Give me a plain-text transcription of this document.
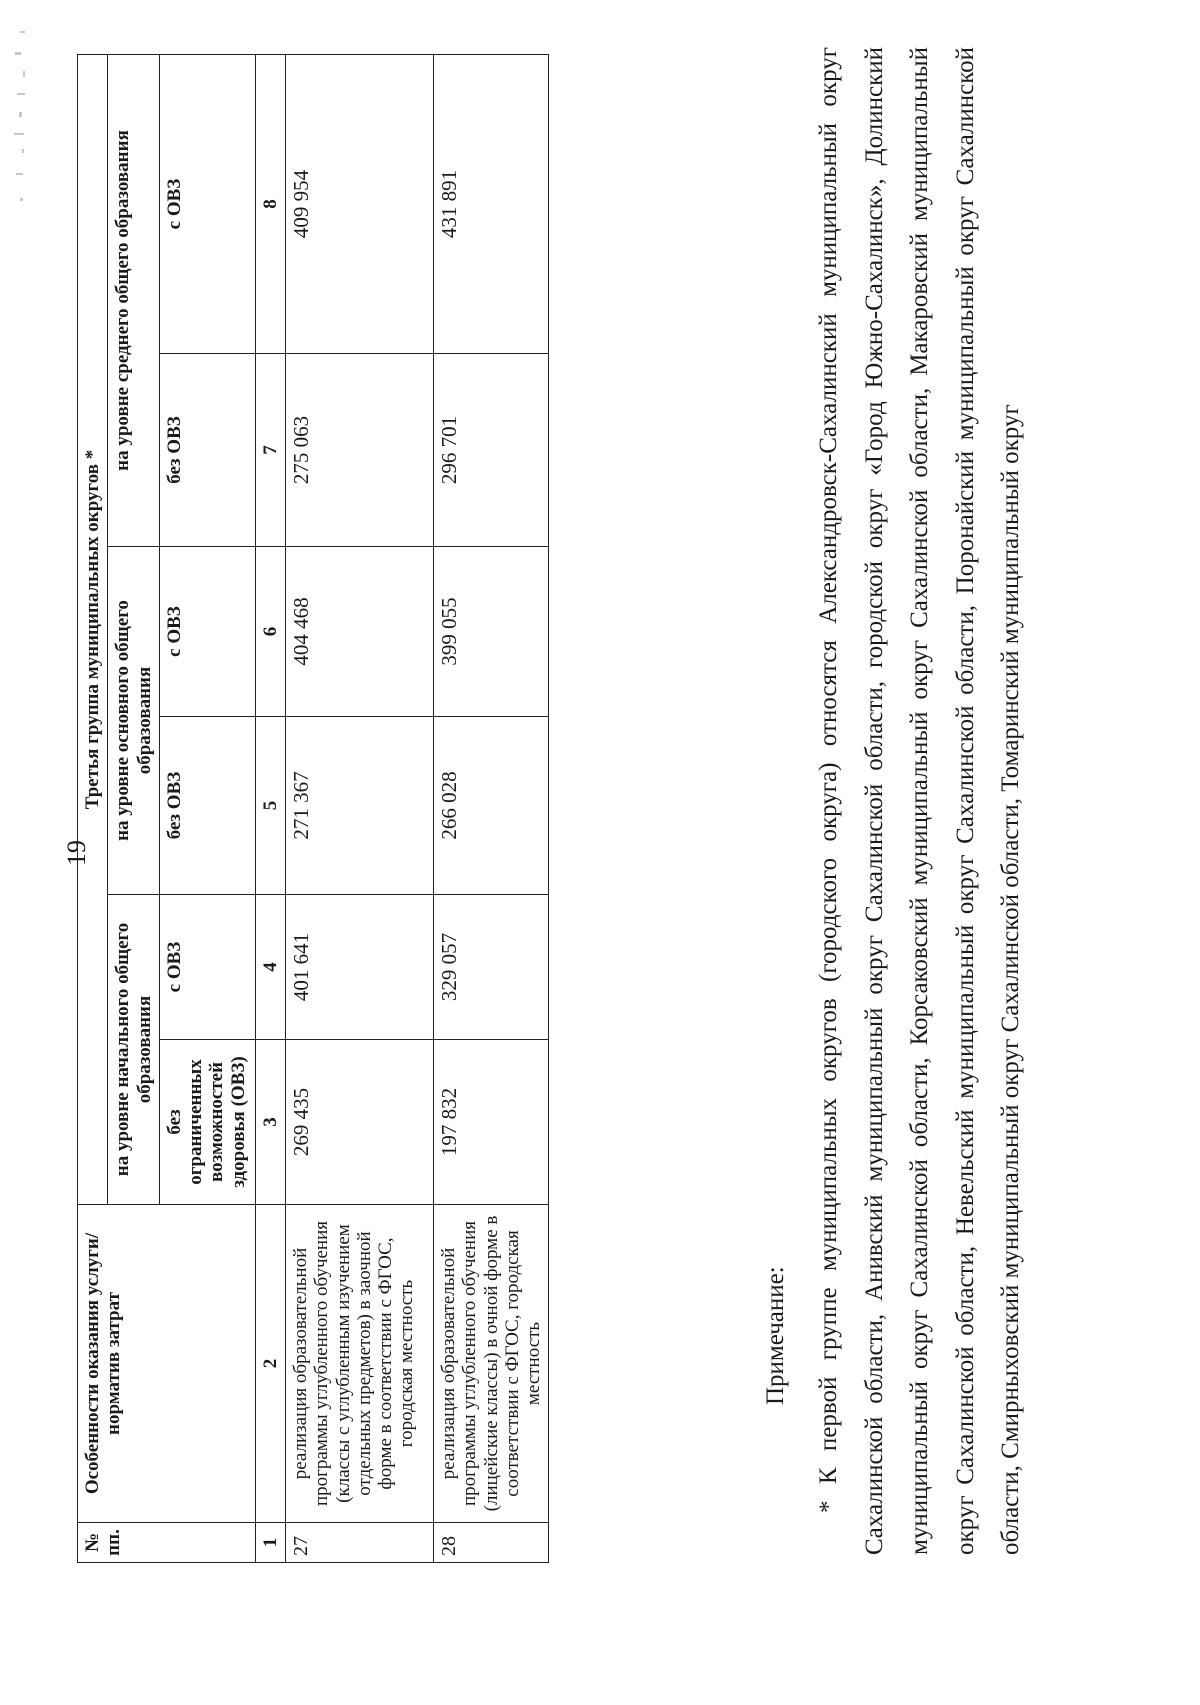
19
№ пп.	Особенности оказания услуги/норматив затрат	Третья группа муниципальных округов *					
		на уровне начального общего образования		на уровне основного общего образования		на уровне среднего общего образования	
		без ограниченных возможностей здоровья (ОВЗ)	с ОВЗ	без ОВЗ	с ОВЗ	без ОВЗ	с ОВЗ
1	2	3	4	5	6	7	8
27	реализация образовательной программы углубленного обучения (классы с углубленным изучением отдельных предметов) в заочной форме в соответствии с ФГОС, городская местность	269 435	401 641	271 367	404 468	275 063	409 954
28	реализация образовательной программы углубленного обучения (лицейские классы) в очной форме в соответствии с ФГОС, городская местность	197 832	329 057	266 028	399 055	296 701	431 891
Примечание:	* К первой группе муниципальных округов (городского округа) относятся Александровск-Сахалинский муниципальный округ Сахалинской области, Анивский муниципальный округ Сахалинской области, городской округ «Город Южно-Сахалинск», Долинский муниципальный округ Сахалинской области, Корсаковский муниципальный округ Сахалинской области, Макаровский муниципальный округ Сахалинской области, Невельский муниципальный округ Сахалинской области, Поронайский муниципальный округ Сахалинской области, Смирныховский муниципальный округ Сахалинской области, Томаринский муниципальный округ
